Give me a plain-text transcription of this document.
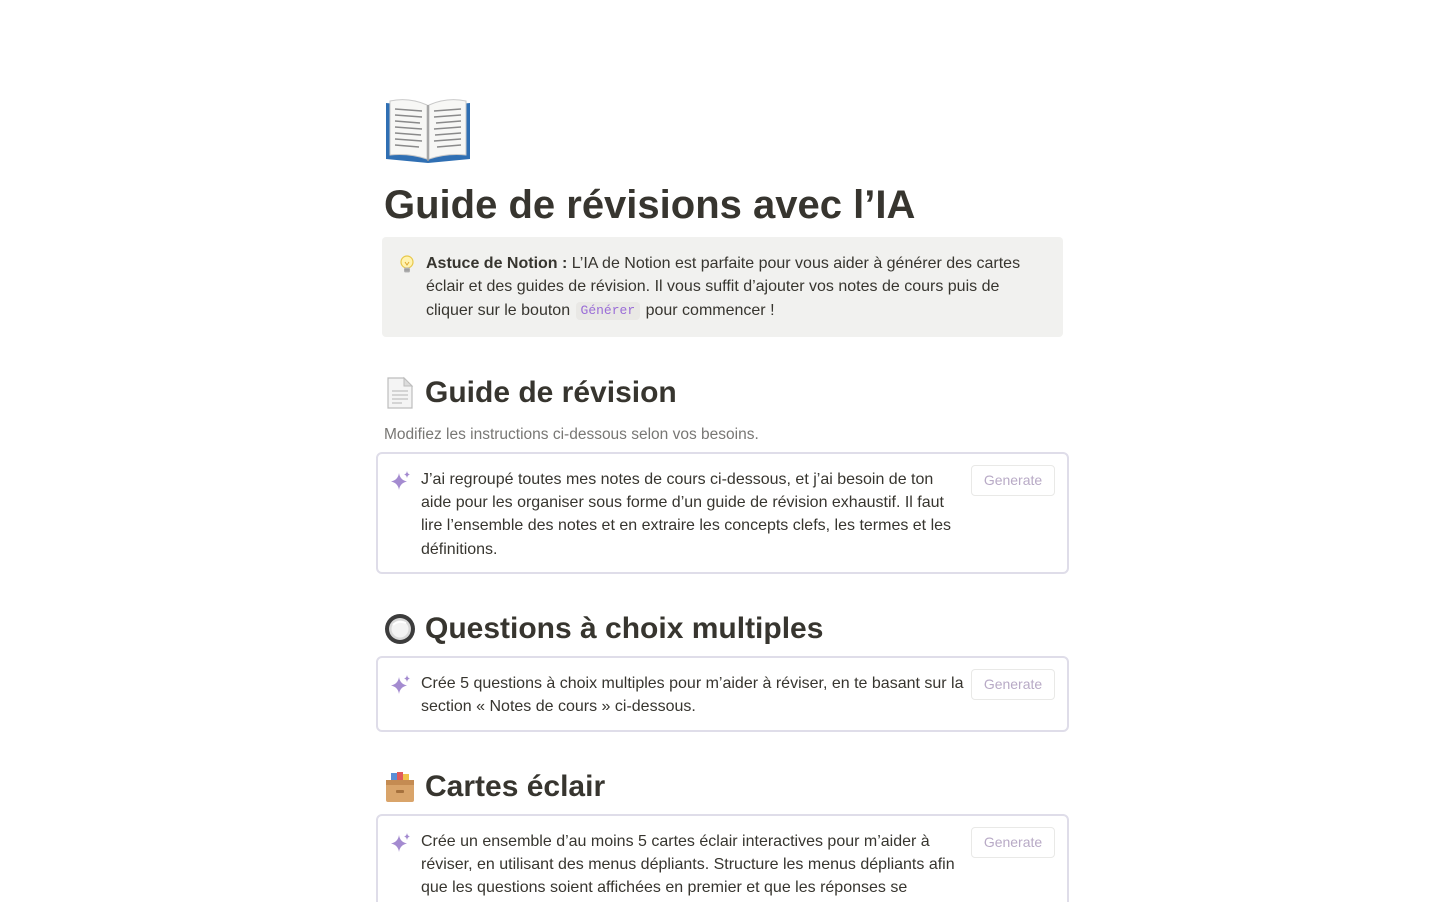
Guide de révisions avec l’IA
Astuce de Notion : L’IA de Notion est parfaite pour vous aider à générer des cartes éclair et des guides de révision. Il vous suffit d’ajouter vos notes de cours puis de cliquer sur le bouton Générer pour commencer !
Guide de révision
Modifiez les instructions ci-dessous selon vos besoins.
J’ai regroupé toutes mes notes de cours ci-dessous, et j’ai besoin de ton aide pour les organiser sous forme d’un guide de révision exhaustif. Il faut lire l’ensemble des notes et en extraire les concepts clefs, les termes et les définitions.
Generate
Questions à choix multiples
Crée 5 questions à choix multiples pour m’aider à réviser, en te basant sur la section « Notes de cours » ci-dessous.
Generate
Cartes éclair
Crée un ensemble d’au moins 5 cartes éclair interactives pour m’aider à réviser, en utilisant des menus dépliants. Structure les menus dépliants afin que les questions soient affichées en premier et que les réponses se
Generate
